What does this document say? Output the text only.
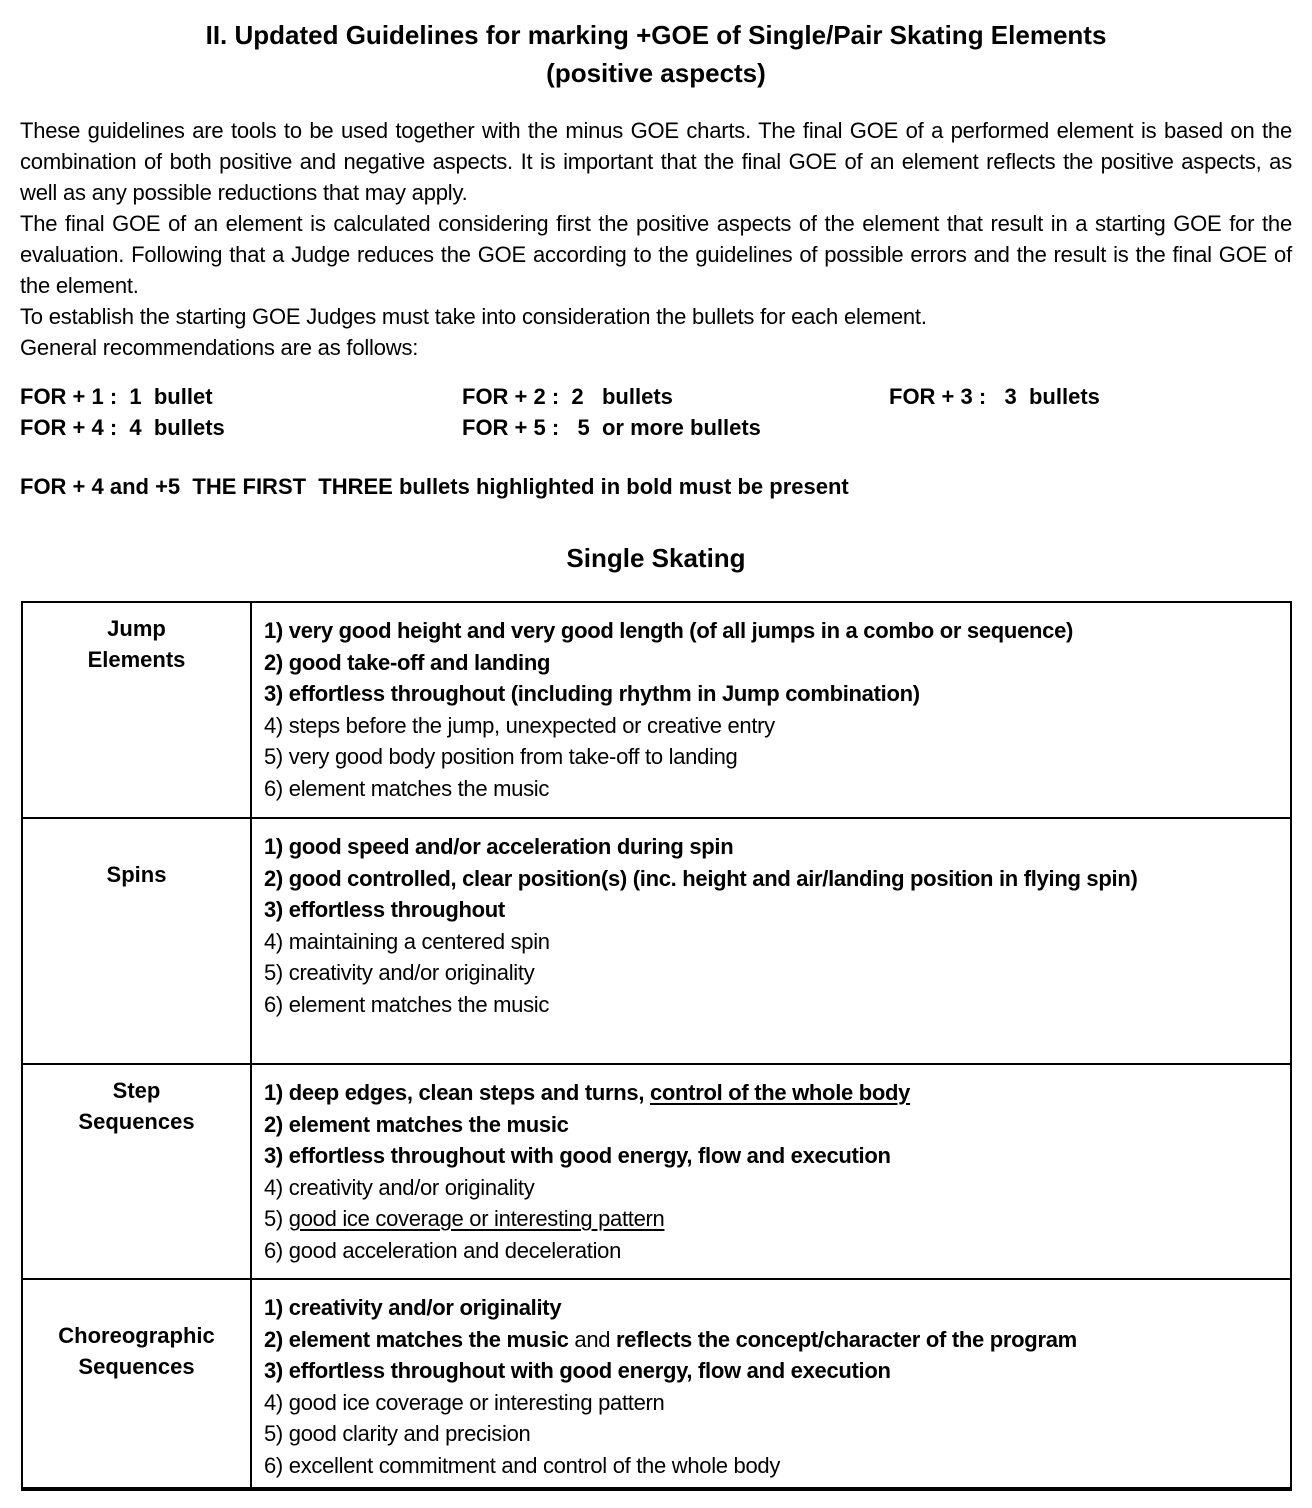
II. Updated Guidelines for marking +GOE of Single/Pair Skating Elements
(positive aspects)

These guidelines are tools to be used together with the minus GOE charts. The final GOE of a performed element is based on the combination of both positive and negative aspects. It is important that the final GOE of an element reflects the positive aspects, as well as any possible reductions that may apply.

The final GOE of an element is calculated considering first the positive aspects of the element that result in a starting GOE for the evaluation. Following that a Judge reduces the GOE according to the guidelines of possible errors and the result is the final GOE of the element.

To establish the starting GOE Judges must take into consideration the bullets for each element.

General recommendations are as follows:

FOR + 1 :  1  bullet	FOR + 2 :  2   bullets	FOR + 3 :   3  bullets
FOR + 4 :  4  bullets	FOR + 5 :   5  or more bullets
FOR + 4 and +5  THE FIRST  THREE bullets highlighted in bold must be present
Single Skating
Jump
Elements

1) very good height and very good length (of all jumps in a combo or sequence)
2) good take-off and landing
3) effortless throughout (including rhythm in Jump combination)
4) steps before the jump, unexpected or creative entry
5) very good body position from take-off to landing
6) element matches the music

Spins

1) good speed and/or acceleration during spin
2) good controlled, clear position(s) (inc. height and air/landing position in flying spin)
3) effortless throughout
4) maintaining a centered spin
5) creativity and/or originality
6) element matches the music

Step
Sequences

1) deep edges, clean steps and turns, control of the whole body
2) element matches the music
3) effortless throughout with good energy, flow and execution
4) creativity and/or originality
5) good ice coverage or interesting pattern
6) good acceleration and deceleration

Choreographic
Sequences

1) creativity and/or originality
2) element matches the music and reflects the concept/character of the program
3) effortless throughout with good energy, flow and execution
4) good ice coverage or interesting pattern
5) good clarity and precision
6) excellent commitment and control of the whole body
